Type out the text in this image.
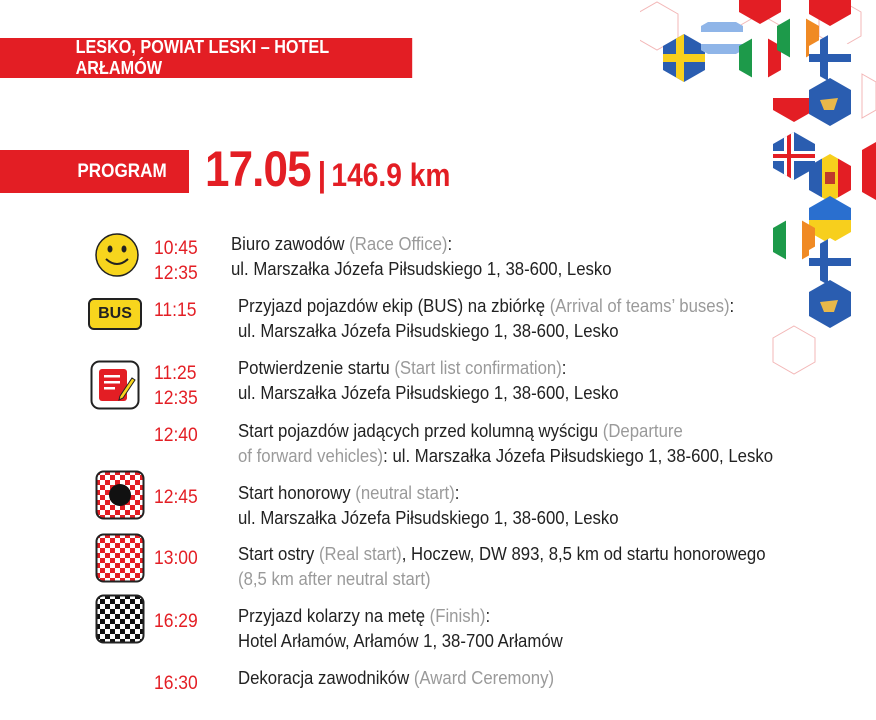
LESKO, POWIAT LESKI – HOTEL ARŁAMÓW
PROGRAM 17.05 | 146.9 km
10:45
12:35
Biuro zawodów (Race Office):
ul. Marszałka Józefa Piłsudskiego 1, 38-600, Lesko
BUS 11:15 Przyjazd pojazdów ekip (BUS) na zbiórkę (Arrival of teams’ buses):
ul. Marszałka Józefa Piłsudskiego 1, 38-600, Lesko
11:25
12:35
Potwierdzenie startu (Start list confirmation):
ul. Marszałka Józefa Piłsudskiego 1, 38-600, Lesko
12:40 Start pojazdów jadących przed kolumną wyścigu (Departure
of forward vehicles): ul. Marszałka Józefa Piłsudskiego 1, 38-600, Lesko
12:45 Start honorowy (neutral start):
ul. Marszałka Józefa Piłsudskiego 1, 38-600, Lesko
13:00 Start ostry (Real start), Hoczew, DW 893, 8,5 km od startu honorowego
(8,5 km after neutral start)
16:29 Przyjazd kolarzy na metę (Finish):
Hotel Arłamów, Arłamów 1, 38-700 Arłamów
16:30 Dekoracja zawodników (Award Ceremony)
